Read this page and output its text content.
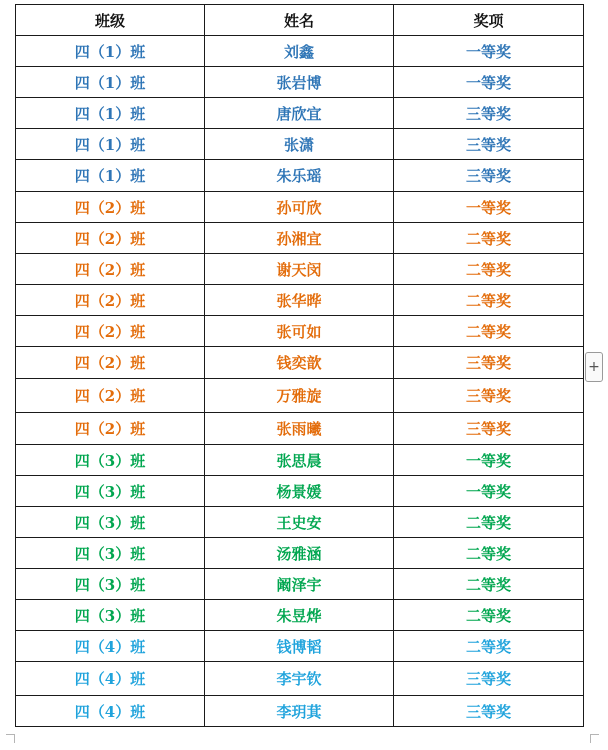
班级	姓名	奖项
四（1）班	刘鑫	一等奖
四（1）班	张岩博	一等奖
四（1）班	唐欣宜	三等奖
四（1）班	张潇	三等奖
四（1）班	朱乐瑶	三等奖
四（2）班	孙可欣	一等奖
四（2）班	孙湘宜	二等奖
四（2）班	谢天闵	二等奖
四（2）班	张华晔	二等奖
四（2）班	张可如	二等奖
四（2）班	钱奕歆	三等奖
四（2）班	万雅旋	三等奖
四（2）班	张雨曦	三等奖
四（3）班	张思晨	一等奖
四（3）班	杨景媛	一等奖
四（3）班	王史安	二等奖
四（3）班	汤雅涵	二等奖
四（3）班	阚泽宇	二等奖
四（3）班	朱昱烨	二等奖
四（4）班	钱博韬	二等奖
四（4）班	李宇钦	三等奖
四（4）班	李玥萁	三等奖
+
